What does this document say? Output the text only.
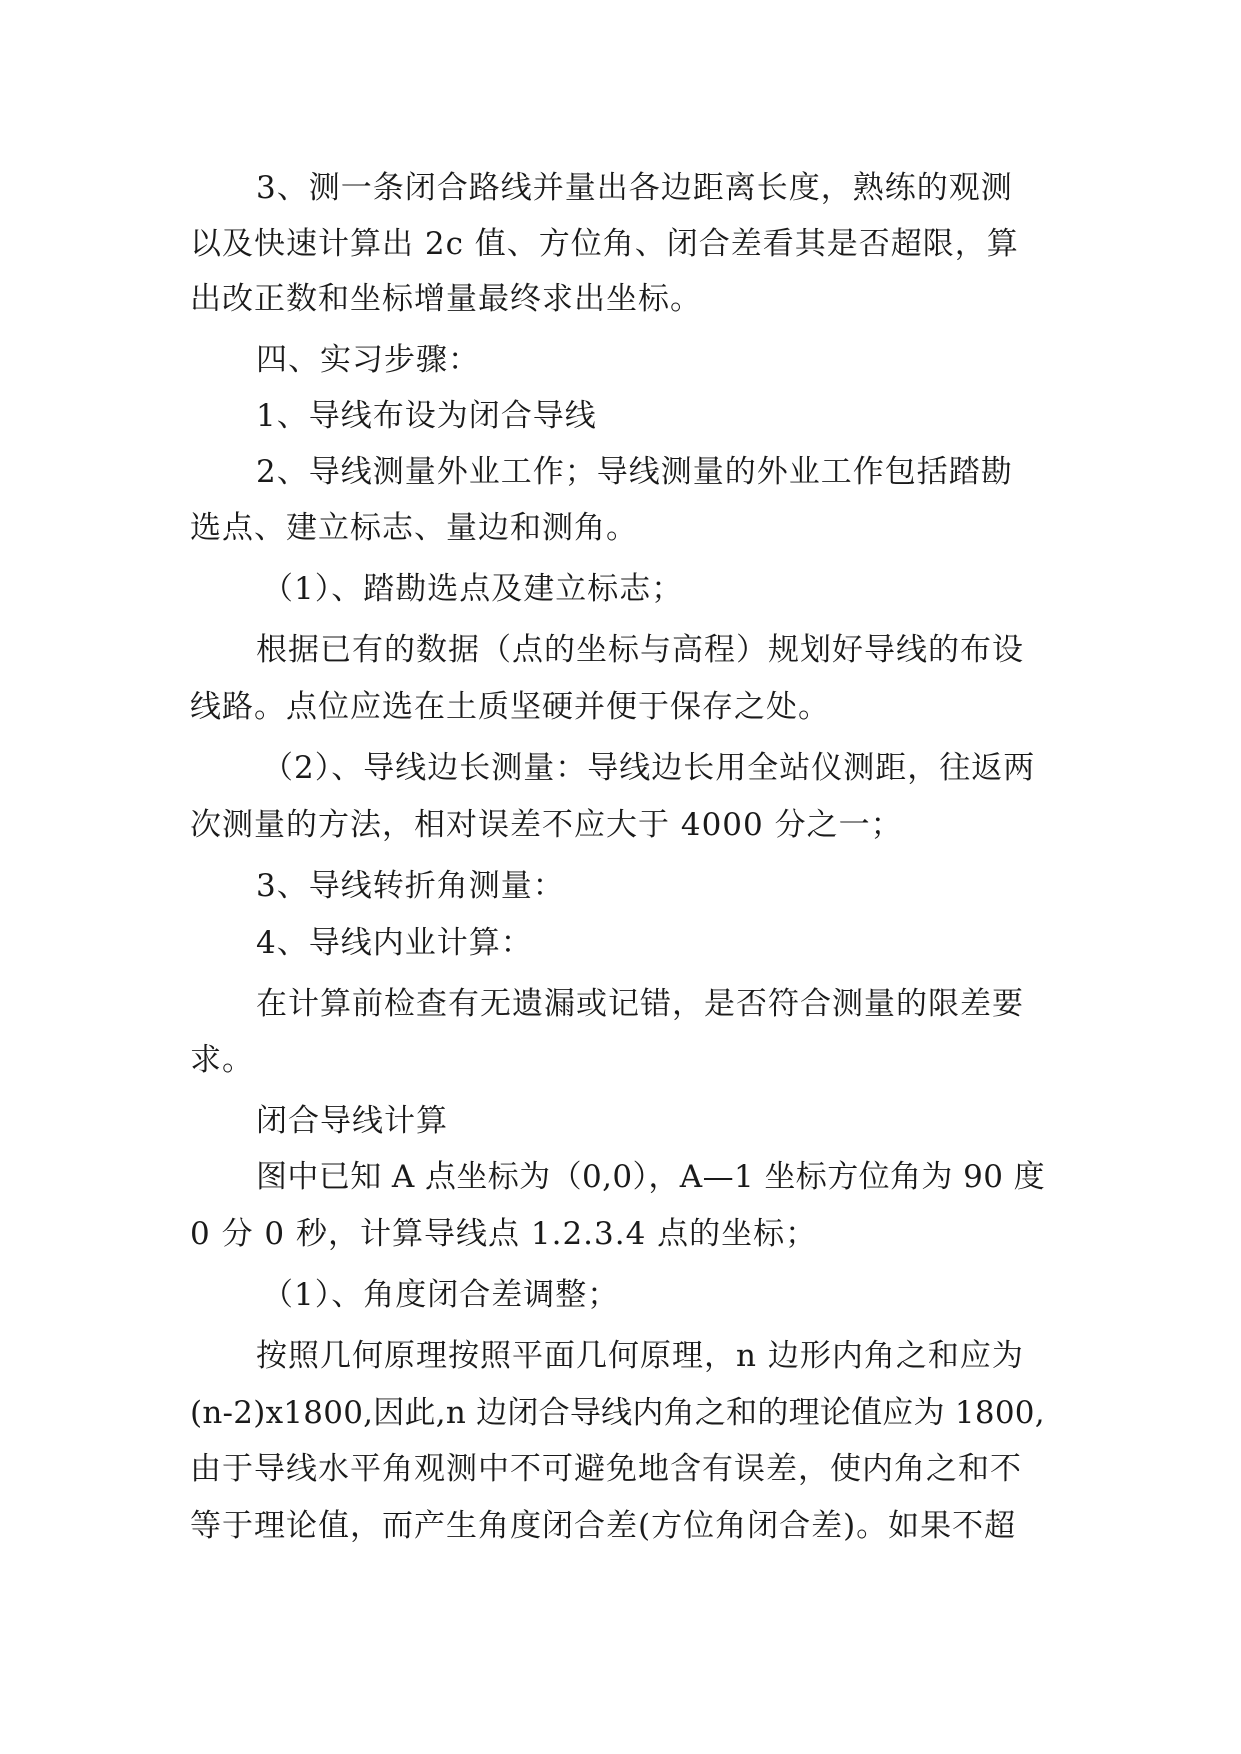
3、测一条闭合路线并量出各边距离长度，熟练的观测
以及快速计算出 2c 值、方位角、闭合差看其是否超限，算
出改正数和坐标增量最终求出坐标。
四、实习步骤：
1、导线布设为闭合导线
2、导线测量外业工作；导线测量的外业工作包括踏勘
选点、建立标志、量边和测角。
（1）、踏勘选点及建立标志；
根据已有的数据（点的坐标与高程）规划好导线的布设
线路。点位应选在土质坚硬并便于保存之处。
（2）、导线边长测量：导线边长用全站仪测距，往返两
次测量的方法，相对误差不应大于 4000 分之一；
3、导线转折角测量：
4、导线内业计算：
在计算前检查有无遗漏或记错，是否符合测量的限差要
求。
闭合导线计算
图中已知 A 点坐标为（0,0），A—1 坐标方位角为 90 度
0 分 0 秒，计算导线点 1.2.3.4 点的坐标；
（1）、角度闭合差调整；
按照几何原理按照平面几何原理，n 边形内角之和应为
(n-2)x1800,因此,n 边闭合导线内角之和的理论值应为 1800,
由于导线水平角观测中不可避免地含有误差，使内角之和不
等于理论值，而产生角度闭合差(方位角闭合差)。如果不超
